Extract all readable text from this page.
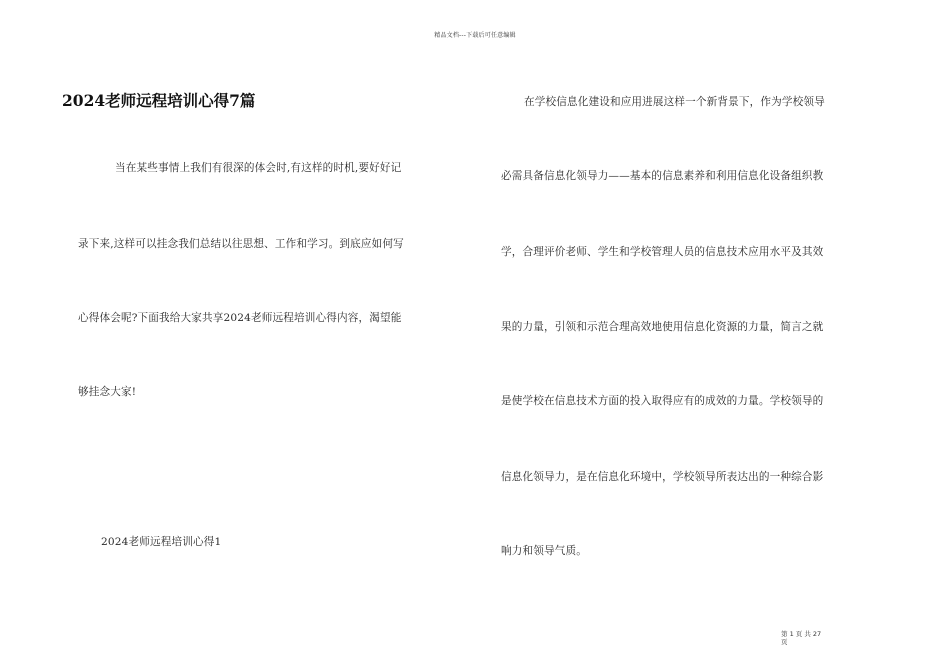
精品文档---下载后可任意编辑
2024老师远程培训心得7篇
当在某些事情上我们有很深的体会时,有这样的时机,要好好记
录下来,这样可以挂念我们总结以往思想、工作和学习。到底应如何写
心得体会呢?下面我给大家共享2024老师远程培训心得内容，渴望能
够挂念大家!
2024老师远程培训心得1
在学校信息化建设和应用进展这样一个新背景下，作为学校领导
必需具备信息化领导力——基本的信息素养和利用信息化设备组织教
学，合理评价老师、学生和学校管理人员的信息技术应用水平及其效
果的力量，引领和示范合理高效地使用信息化资源的力量，简言之就
是使学校在信息技术方面的投入取得应有的成效的力量。学校领导的
信息化领导力，是在信息化环境中，学校领导所表达出的一种综合影
响力和领导气质。
第 1 页 共 27
页
